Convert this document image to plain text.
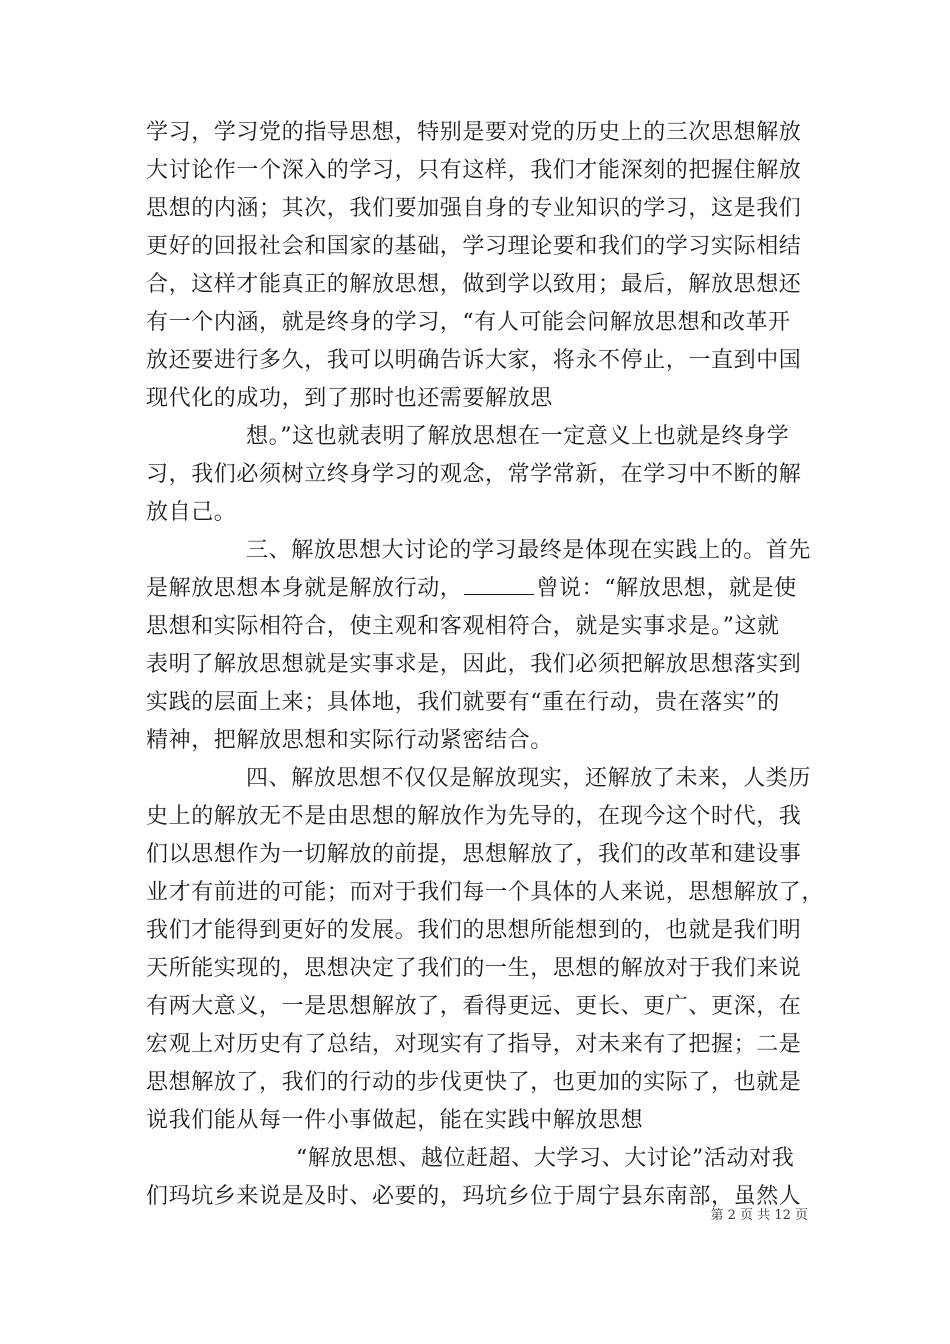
学习，学习党的指导思想，特别是要对党的历史上的三次思想解放
大讨论作一个深入的学习，只有这样，我们才能深刻的把握住解放
思想的内涵；其次，我们要加强自身的专业知识的学习，这是我们
更好的回报社会和国家的基础，学习理论要和我们的学习实际相结
合，这样才能真正的解放思想，做到学以致用；最后，解放思想还
有一个内涵，就是终身的学习，“有人可能会问解放思想和改革开
放还要进行多久，我可以明确告诉大家，将永不停止，一直到中国
现代化的成功，到了那时也还需要解放思
想。”这也就表明了解放思想在一定意义上也就是终身学
习，我们必须树立终身学习的观念，常学常新，在学习中不断的解
放自己。
三、解放思想大讨论的学习最终是体现在实践上的。首先
是解放思想本身就是解放行动，	曾说：“解放思想，就是使
思想和实际相符合，使主观和客观相符合，就是实事求是。”这就
表明了解放思想就是实事求是，因此，我们必须把解放思想落实到
实践的层面上来；具体地，我们就要有“重在行动，贵在落实”的
精神，把解放思想和实际行动紧密结合。
四、解放思想不仅仅是解放现实，还解放了未来，人类历
史上的解放无不是由思想的解放作为先导的，在现今这个时代，我
们以思想作为一切解放的前提，思想解放了，我们的改革和建设事
业才有前进的可能；而对于我们每一个具体的人来说，思想解放了，
我们才能得到更好的发展。我们的思想所能想到的，也就是我们明
天所能实现的，思想决定了我们的一生，思想的解放对于我们来说
有两大意义，一是思想解放了，看得更远、更长、更广、更深，在
宏观上对历史有了总结，对现实有了指导，对未来有了把握；二是
思想解放了，我们的行动的步伐更快了，也更加的实际了，也就是
说我们能从每一件小事做起，能在实践中解放思想
“解放思想、越位赶超、大学习、大讨论”活动对我
们玛坑乡来说是及时、必要的，玛坑乡位于周宁县东南部，虽然人
第 2 页 共 12 页
